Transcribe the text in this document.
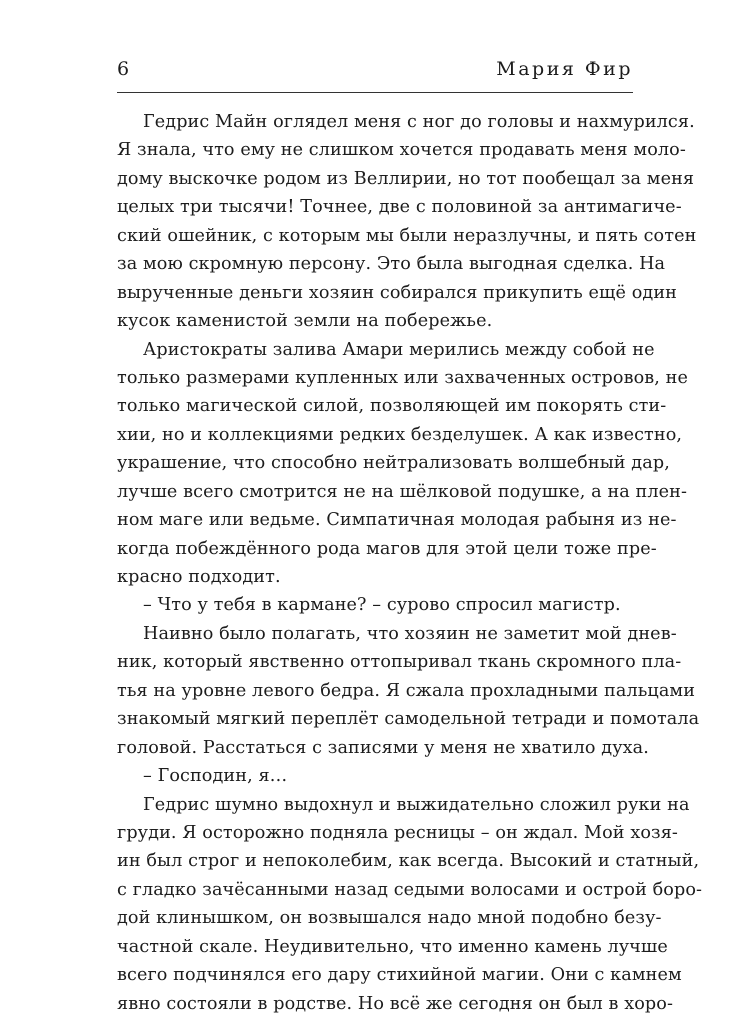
6	Мария Фир
Гедрис Майн оглядел меня с ног до головы и нахмурился.
Я знала, что ему не слишком хочется продавать меня моло-
дому выскочке родом из Веллирии, но тот пообещал за меня
целых три тысячи! Точнее, две с половиной за антимагиче-
ский ошейник, с которым мы были неразлучны, и пять сотен
за мою скромную персону. Это была выгодная сделка. На
вырученные деньги хозяин собирался прикупить ещё один
кусок каменистой земли на побережье.
Аристократы залива Амари мерились между собой не
только размерами купленных или захваченных островов, не
только магической силой, позволяющей им покорять сти-
хии, но и коллекциями редких безделушек. А как известно,
украшение, что способно нейтрализовать волшебный дар,
лучше всего смотрится не на шёлковой подушке, а на плен-
ном маге или ведьме. Симпатичная молодая рабыня из не-
когда побеждённого рода магов для этой цели тоже пре-
красно подходит.
– Что у тебя в кармане? – сурово спросил магистр.
Наивно было полагать, что хозяин не заметит мой днев-
ник, который явственно оттопыривал ткань скромного пла-
тья на уровне левого бедра. Я сжала прохладными пальцами
знакомый мягкий переплёт самодельной тетради и помотала
головой. Расстаться с записями у меня не хватило духа.
– Господин, я…
Гедрис шумно выдохнул и выжидательно сложил руки на
груди. Я осторожно подняла ресницы – он ждал. Мой хозя-
ин был строг и непоколебим, как всегда. Высокий и статный,
с гладко зачёсанными назад седыми волосами и острой боро-
дой клинышком, он возвышался надо мной подобно безу-
частной скале. Неудивительно, что именно камень лучше
всего подчинялся его дару стихийной магии. Они с камнем
явно состояли в родстве. Но всё же сегодня он был в хоро-
